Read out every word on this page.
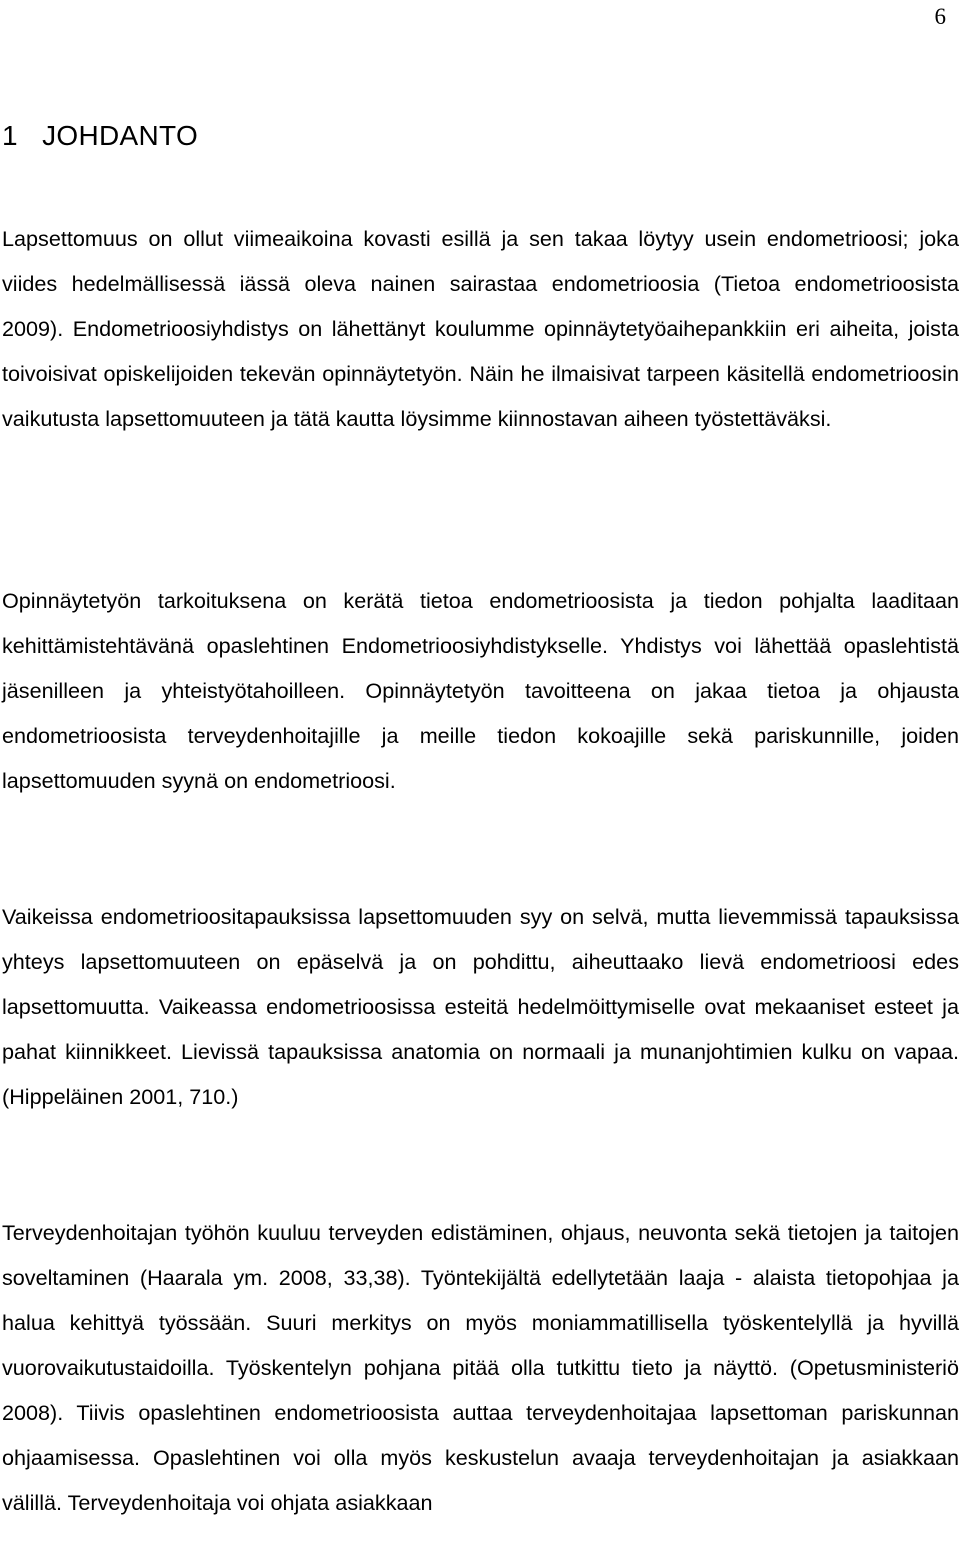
6
1 JOHDANTO

Lapsettomuus on ollut viimeaikoina kovasti esillä ja sen takaa löytyy usein endometrioosi; joka viides hedelmällisessä iässä oleva nainen sairastaa endometrioosia (Tietoa endometrioosista 2009). Endometrioosiyhdistys on lähettänyt koulumme opinnäytetyöaihepankkiin eri aiheita, joista toivoisivat opiskelijoiden tekevän opinnäytetyön. Näin he ilmaisivat tarpeen käsitellä endometrioosin vaikutusta lapsettomuuteen ja tätä kautta löysimme kiinnostavan aiheen työstettäväksi.

Opinnäytetyön tarkoituksena on kerätä tietoa endometrioosista ja tiedon pohjalta laaditaan kehittämistehtävänä opaslehtinen Endometrioosiyhdistykselle. Yhdistys voi lähettää opaslehtistä jäsenilleen ja yhteistyötahoilleen. Opinnäytetyön tavoitteena on jakaa tietoa ja ohjausta endometrioosista terveydenhoitajille ja meille tiedon kokoajille sekä pariskunnille, joiden lapsettomuuden syynä on endometrioosi.

Vaikeissa endometrioositapauksissa lapsettomuuden syy on selvä, mutta lievemmissä tapauksissa yhteys lapsettomuuteen on epäselvä ja on pohdittu, aiheuttaako lievä endometrioosi edes lapsettomuutta. Vaikeassa endometrioosissa esteitä hedelmöittymiselle ovat mekaaniset esteet ja pahat kiinnikkeet. Lievissä tapauksissa anatomia on normaali ja munanjohtimien kulku on vapaa. (Hippeläinen 2001, 710.)

Terveydenhoitajan työhön kuuluu terveyden edistäminen, ohjaus, neuvonta sekä tietojen ja taitojen soveltaminen (Haarala ym. 2008, 33,38). Työntekijältä edellytetään laaja - alaista tietopohjaa ja halua kehittyä työssään. Suuri merkitys on myös moniammatillisella työskentelyllä ja hyvillä vuorovaikutustaidoilla. Työskentelyn pohjana pitää olla tutkittu tieto ja näyttö. (Opetusministeriö 2008). Tiivis opaslehtinen endometrioosista auttaa terveydenhoitajaa lapsettoman pariskunnan ohjaamisessa. Opaslehtinen voi olla myös keskustelun avaaja terveydenhoitajan ja asiakkaan välillä. Terveydenhoitaja voi ohjata asiakkaan
